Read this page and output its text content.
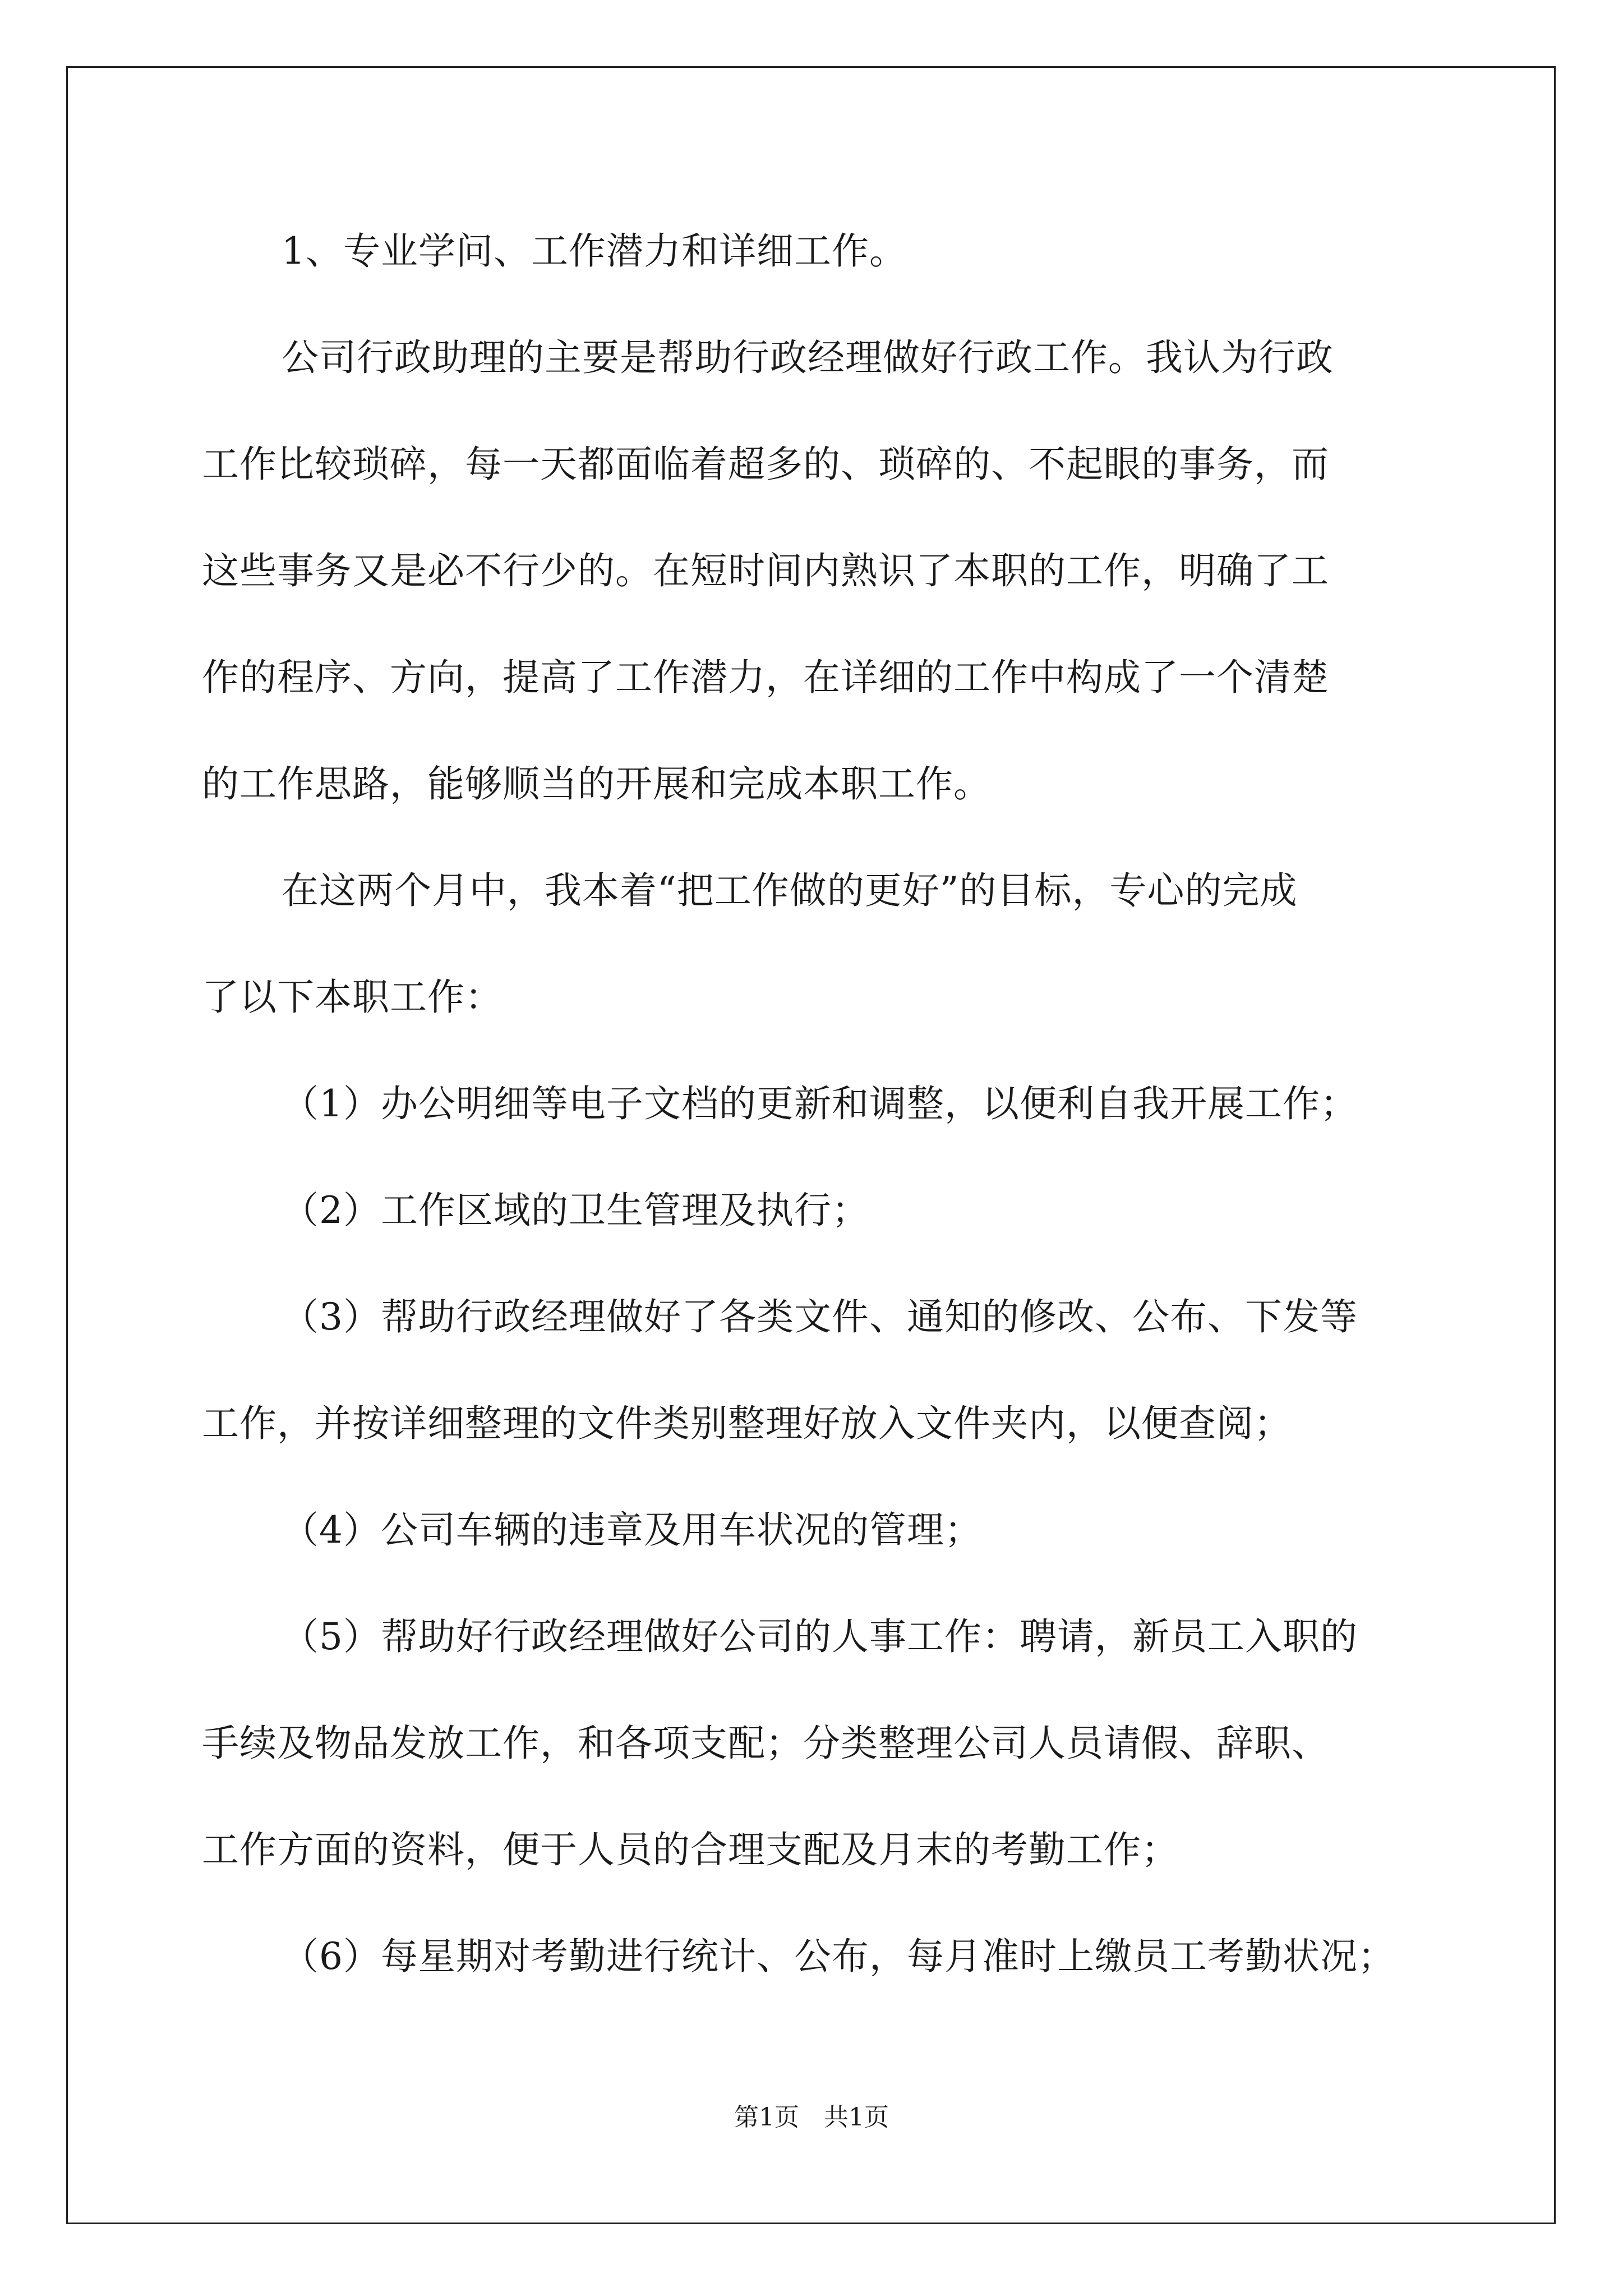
1、专业学问、工作潜力和详细工作。
公司行政助理的主要是帮助行政经理做好行政工作。我认为行政
工作比较琐碎，每一天都面临着超多的、琐碎的、不起眼的事务，而
这些事务又是必不行少的。在短时间内熟识了本职的工作，明确了工
作的程序、方向，提高了工作潜力，在详细的工作中构成了一个清楚
的工作思路，能够顺当的开展和完成本职工作。
在这两个月中，我本着“把工作做的更好”的目标，专心的完成
了以下本职工作：
（1）办公明细等电子文档的更新和调整，以便利自我开展工作；
（2）工作区域的卫生管理及执行；
（3）帮助行政经理做好了各类文件、通知的修改、公布、下发等
工作，并按详细整理的文件类别整理好放入文件夹内，以便查阅；
（4）公司车辆的违章及用车状况的管理；
（5）帮助好行政经理做好公司的人事工作：聘请，新员工入职的
手续及物品发放工作，和各项支配；分类整理公司人员请假、辞职、
工作方面的资料，便于人员的合理支配及月末的考勤工作；
（6）每星期对考勤进行统计、公布，每月准时上缴员工考勤状况；
第1页　共1页
